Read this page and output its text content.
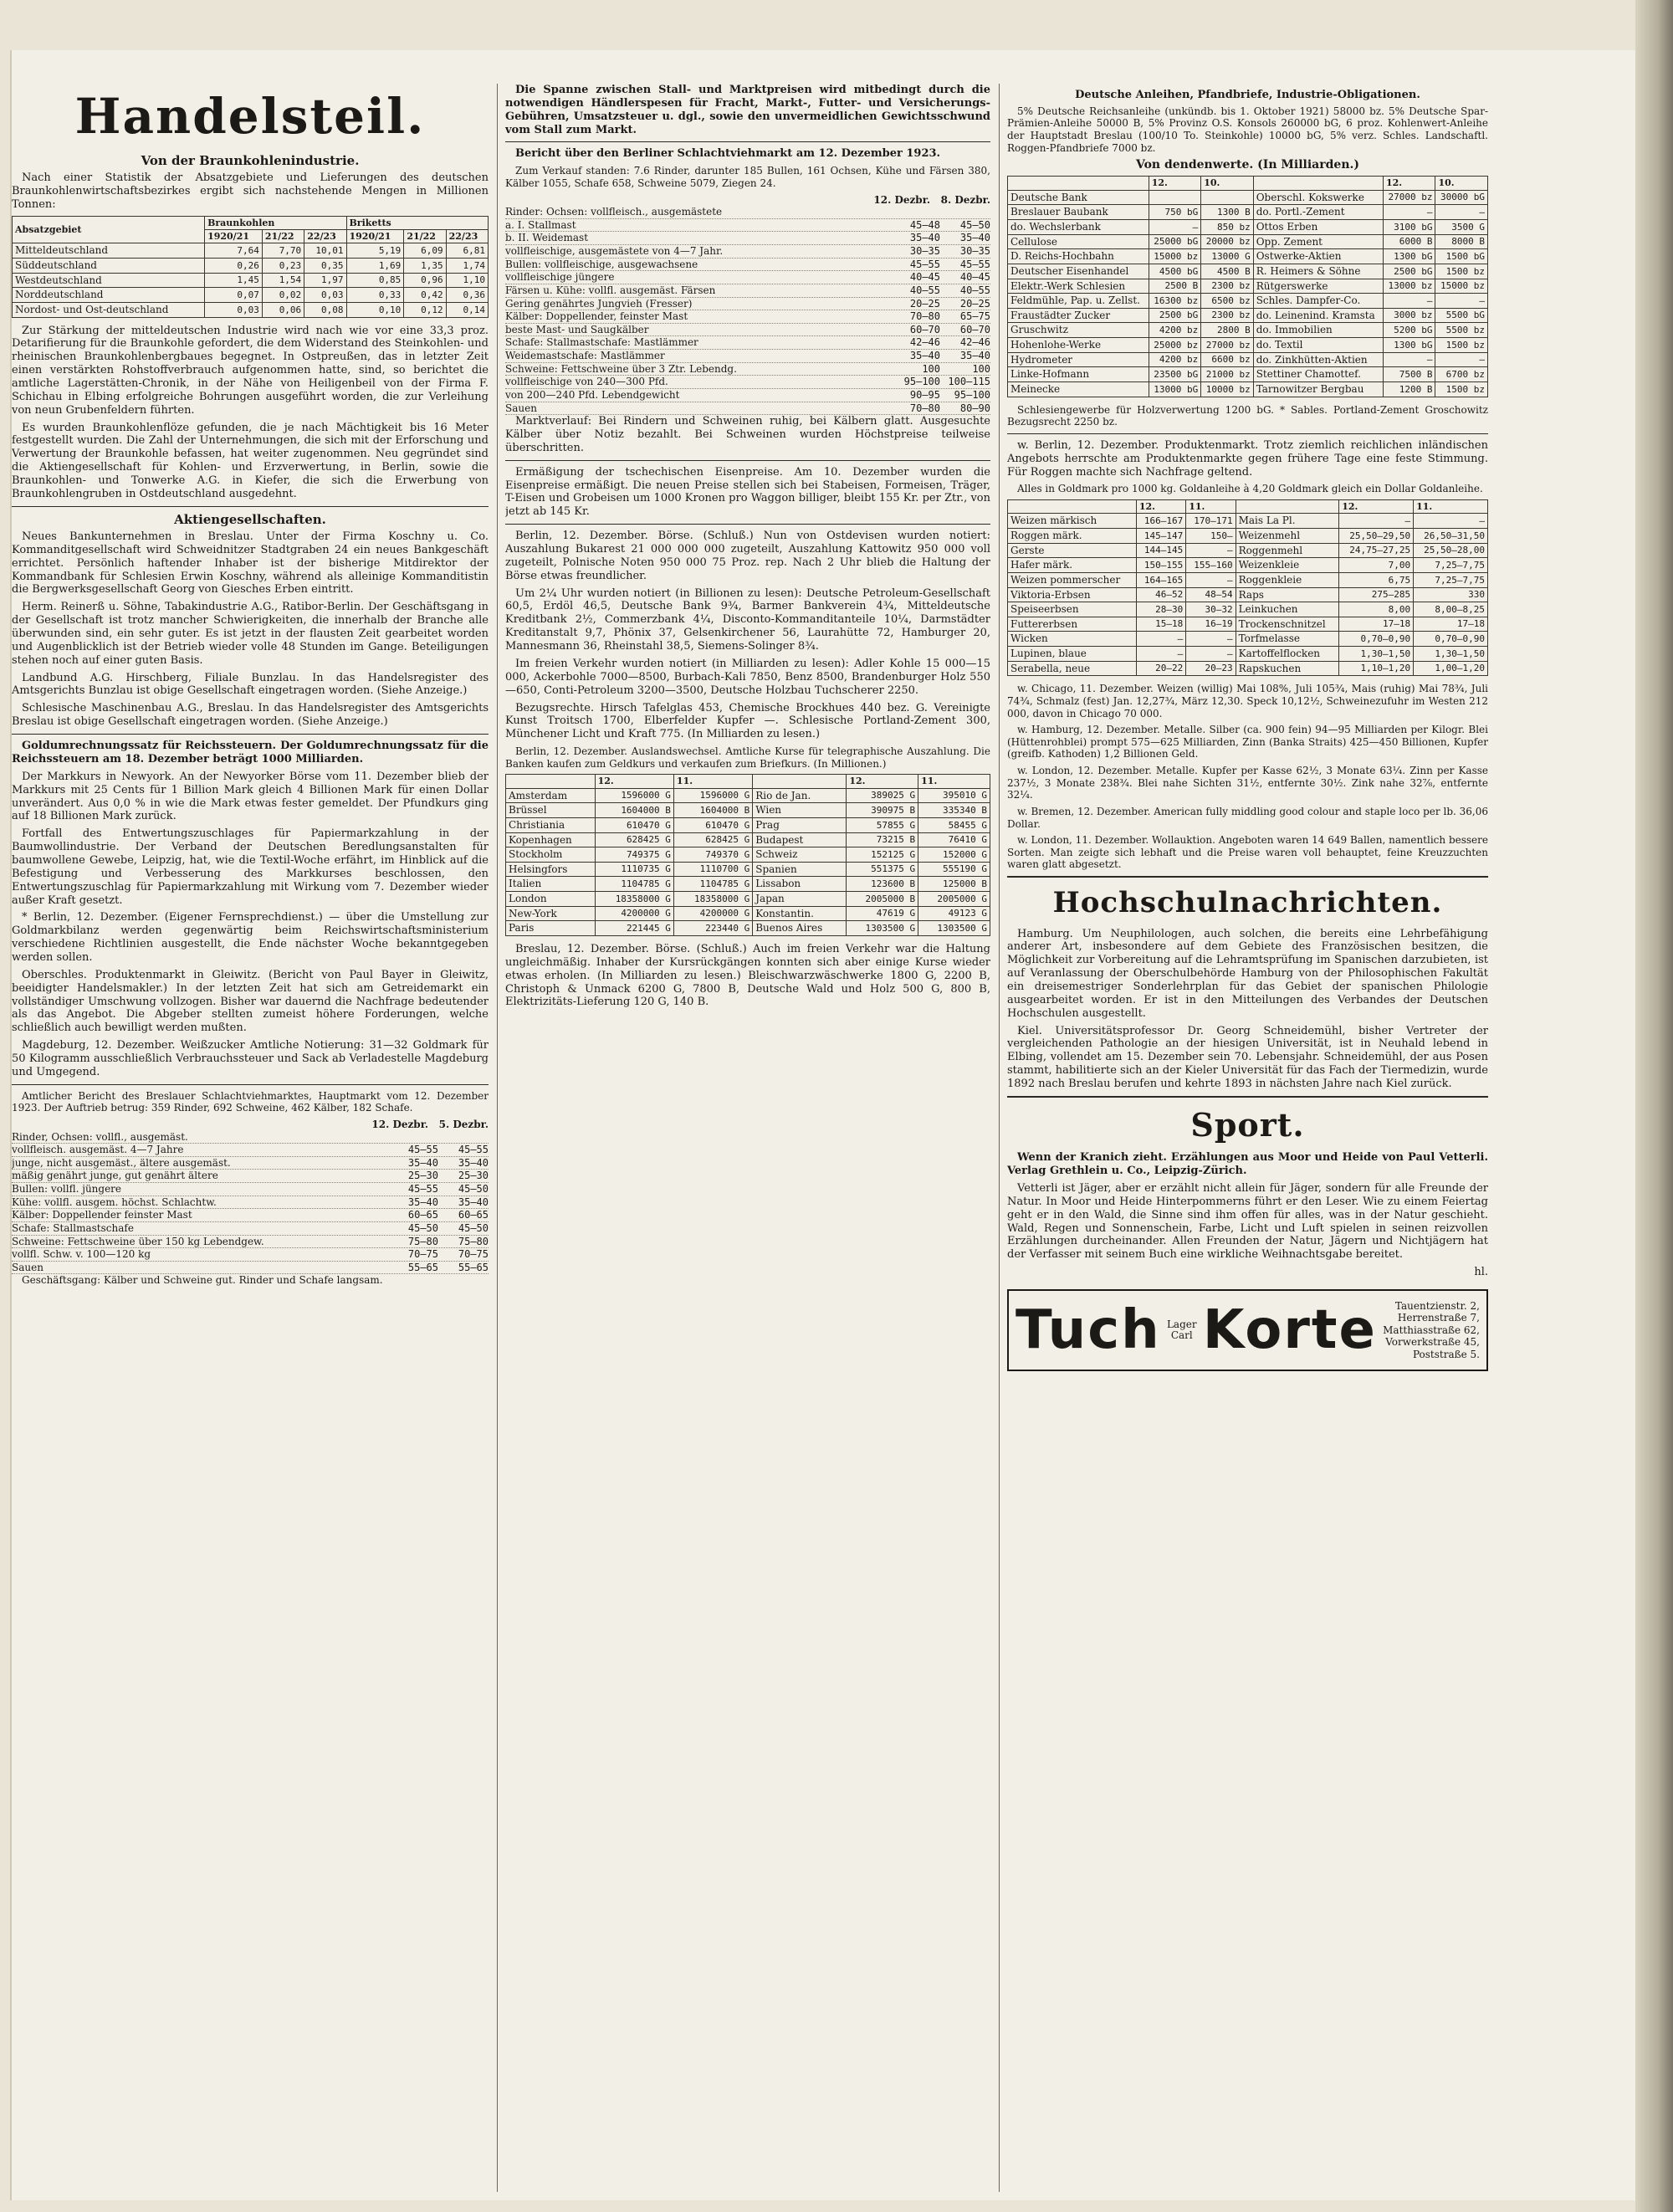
Handelsteil.
Von der Braunkohlenindustrie.

Nach einer Statistik der Absatzgebiete und Lieferungen des deutschen Braunkohlenwirtschaftsbezirkes ergibt sich nachstehende Mengen in Millionen Tonnen:

Absatzgebiet	Braunkohlen			Briketts		
	1920/21	21/22	22/23	1920/21	21/22	22/23
Mitteldeutschland	7,64	7,70	10,01	5,19	6,09	6,81
Süddeutschland	0,26	0,23	0,35	1,69	1,35	1,74
Westdeutschland	1,45	1,54	1,97	0,85	0,96	1,10
Norddeutschland	0,07	0,02	0,03	0,33	0,42	0,36
Nordost- und Ost-deutschland	0,03	0,06	0,08	0,10	0,12	0,14

Zur Stärkung der mitteldeutschen Industrie wird nach wie vor eine 33,3 proz. Detarifierung für die Braunkohle gefordert, die dem Widerstand des Steinkohlen- und rheinischen Braunkohlenbergbaues begegnet. In Ostpreußen, das in letzter Zeit einen verstärkten Rohstoffverbrauch aufgenommen hatte, sind, so berichtet die amtliche Lagerstätten-Chronik, in der Nähe von Heiligenbeil von der Firma F. Schichau in Elbing erfolgreiche Bohrungen ausgeführt worden, die zur Verleihung von neun Grubenfeldern führten.

Es wurden Braunkohlenflöze gefunden, die je nach Mächtigkeit bis 16 Meter festgestellt wurden. Die Zahl der Unternehmungen, die sich mit der Erforschung und Verwertung der Braunkohle befassen, hat weiter zugenommen. Neu gegründet sind die Aktiengesellschaft für Kohlen- und Erzverwertung, in Berlin, sowie die Braunkohlen- und Tonwerke A.G. in Kiefer, die sich die Erwerbung von Braunkohlengruben in Ostdeutschland ausgedehnt.

Aktiengesellschaften.

Neues Bankunternehmen in Breslau. Unter der Firma Koschny u. Co. Kommanditgesellschaft wird Schweidnitzer Stadtgraben 24 ein neues Bankgeschäft errichtet. Persönlich haftender Inhaber ist der bisherige Mitdirektor der Kommandbank für Schlesien Erwin Koschny, während als alleinige Kommanditistin die Bergwerksgesellschaft Georg von Giesches Erben eintritt.

Herm. Reinerß u. Söhne, Tabakindustrie A.G., Ratibor-Berlin. Der Geschäftsgang in der Gesellschaft ist trotz mancher Schwierigkeiten, die innerhalb der Branche alle überwunden sind, ein sehr guter. Es ist jetzt in der flausten Zeit gearbeitet worden und Augenblicklich ist der Betrieb wieder volle 48 Stunden im Gange. Beteiligungen stehen noch auf einer guten Basis.

Landbund A.G. Hirschberg, Filiale Bunzlau. In das Handelsregister des Amtsgerichts Bunzlau ist obige Gesellschaft eingetragen worden. (Siehe Anzeige.)

Schlesische Maschinenbau A.G., Breslau. In das Handelsregister des Amtsgerichts Breslau ist obige Gesellschaft eingetragen worden. (Siehe Anzeige.)

Goldumrechnungssatz für Reichssteuern. Der Goldumrechnungssatz für die Reichssteuern am 18. Dezember beträgt 1000 Milliarden.

Der Markkurs in Newyork. An der Newyorker Börse vom 11. Dezember blieb der Markkurs mit 25 Cents für 1 Billion Mark gleich 4 Billionen Mark für einen Dollar unverändert. Aus 0,0 % in wie die Mark etwas fester gemeldet. Der Pfundkurs ging auf 18 Billionen Mark zurück.

Fortfall des Entwertungszuschlages für Papiermarkzahlung in der Baumwollindustrie. Der Verband der Deutschen Beredlungsanstalten für baumwollene Gewebe, Leipzig, hat, wie die Textil-Woche erfährt, im Hinblick auf die Befestigung und Verbesserung des Markkurses beschlossen, den Entwertungszuschlag für Papiermarkzahlung mit Wirkung vom 7. Dezember wieder außer Kraft gesetzt.

* Berlin, 12. Dezember. (Eigener Fernsprechdienst.) — über die Umstellung zur Goldmarkbilanz werden gegenwärtig beim Reichswirtschaftsministerium verschiedene Richtlinien ausgestellt, die Ende nächster Woche bekanntgegeben werden sollen.

Oberschles. Produktenmarkt in Gleiwitz. (Bericht von Paul Bayer in Gleiwitz, beeidigter Handelsmakler.) In der letzten Zeit hat sich am Getreidemarkt ein vollständiger Umschwung vollzogen. Bisher war dauernd die Nachfrage bedeutender als das Angebot. Die Abgeber stellten zumeist höhere Forderungen, welche schließlich auch bewilligt werden mußten.

Magdeburg, 12. Dezember. Weißzucker Amtliche Notierung: 31—32 Goldmark für 50 Kilogramm ausschließlich Verbrauchssteuer und Sack ab Verladestelle Magdeburg und Umgegend.

Amtlicher Bericht des Breslauer Schlachtviehmarktes, Hauptmarkt vom 12. Dezember 1923. Der Auftrieb betrug: 359 Rinder, 692 Schweine, 462 Kälber, 182 Schafe.

12. Dezbr. 5. Dezbr.
Rinder, Ochsen: vollfl., ausgemäst.
vollfleisch. ausgemäst. 4—7 Jahre	45—55	45—55
junge, nicht ausgemäst., ältere ausgemäst.	35—40	35—40
mäßig genährt junge, gut genährt ältere	25—30	25—30
Bullen: vollfl. jüngere	45—55	45—50
Kühe: vollfl. ausgem. höchst. Schlachtw.	35—40	35—40
Kälber: Doppellender feinster Mast	60—65	60—65
Schafe: Stallmastschafe	45—50	45—50
Schweine: Fettschweine über 150 kg Lebendgew.	75—80	75—80
vollfl. Schw. v. 100—120 kg	70—75	70—75
Sauen	55—65	55—65

Geschäftsgang: Kälber und Schweine gut. Rinder und Schafe langsam.

Die Spanne zwischen Stall- und Marktpreisen wird mitbedingt durch die notwendigen Händlerspesen für Fracht, Markt-, Futter- und Versicherungs-Gebühren, Umsatzsteuer u. dgl., sowie den unvermeidlichen Gewichtsschwund vom Stall zum Markt.

Bericht über den Berliner Schlachtviehmarkt am 12. Dezember 1923.

Zum Verkauf standen: 7.6 Rinder, darunter 185 Bullen, 161 Ochsen, Kühe und Färsen 380, Kälber 1055, Schafe 658, Schweine 5079, Ziegen 24.

12. Dezbr. 8. Dezbr.
Rinder: Ochsen: vollfleisch., ausgemästete
a. I. Stallmast	45—48	45—50
b. II. Weidemast	35—40	35—40
vollfleischige, ausgemästete von 4—7 Jahr.	30—35	30—35
Bullen: vollfleischige, ausgewachsene	45—55	45—55
vollfleischige jüngere	40—45	40—45
Färsen u. Kühe: vollfl. ausgemäst. Färsen	40—55	40—55
Gering genährtes Jungvieh (Fresser)	20—25	20—25
Kälber: Doppellender, feinster Mast	70—80	65—75
beste Mast- und Saugkälber	60—70	60—70
Schafe: Stallmastschafe: Mastlämmer	42—46	42—46
Weidemastschafe: Mastlämmer	35—40	35—40
Schweine: Fettschweine über 3 Ztr. Lebendg.	100	100
vollfleischige von 240—300 Pfd.	95—100 100—115
von 200—240 Pfd. Lebendgewicht	90—95	95—100
Sauen	70—80	80—90

Marktverlauf: Bei Rindern und Schweinen ruhig, bei Kälbern glatt. Ausgesuchte Kälber über Notiz bezahlt. Bei Schweinen wurden Höchstpreise teilweise überschritten.

Ermäßigung der tschechischen Eisenpreise. Am 10. Dezember wurden die Eisenpreise ermäßigt. Die neuen Preise stellen sich bei Stabeisen, Formeisen, Träger, T-Eisen und Grobeisen um 1000 Kronen pro Waggon billiger, bleibt 155 Kr. per Ztr., von jetzt ab 145 Kr.

Berlin, 12. Dezember. Börse. (Schluß.) Nun von Ostdevisen wurden notiert: Auszahlung Bukarest 21 000 000 000 zugeteilt, Auszahlung Kattowitz 950 000 voll zugeteilt, Polnische Noten 950 000 75 Proz. rep. Nach 2 Uhr blieb die Haltung der Börse etwas freundlicher.

Um 2¼ Uhr wurden notiert (in Billionen zu lesen): Deutsche Petroleum-Gesellschaft 60,5, Erdöl 46,5, Deutsche Bank 9¾, Barmer Bankverein 4¾, Mitteldeutsche Kreditbank 2½, Commerzbank 4¼, Disconto-Kommanditanteile 10¼, Darmstädter Kreditanstalt 9,7, Phönix 37, Gelsenkirchener 56, Laurahütte 72, Hamburger 20, Mannesmann 36, Rheinstahl 38,5, Siemens-Solinger 8¾.

Im freien Verkehr wurden notiert (in Milliarden zu lesen): Adler Kohle 15 000—15 000, Ackerbohle 7000—8500, Burbach-Kali 7850, Benz 8500, Brandenburger Holz 550—650, Conti-Petroleum 3200—3500, Deutsche Holzbau Tuchscherer 2250.

Bezugsrechte. Hirsch Tafelglas 453, Chemische Brockhues 440 bez. G. Vereinigte Kunst Troitsch 1700, Elberfelder Kupfer —. Schlesische Portland-Zement 300, Münchener Licht und Kraft 775. (In Milliarden zu lesen.)

Berlin, 12. Dezember. Auslandswechsel. Amtliche Kurse für telegraphische Auszahlung. Die Banken kaufen zum Geldkurs und verkaufen zum Briefkurs. (In Millionen.)

	12.	11.		12.	11.
Amsterdam	1596000 G	1596000 G	Rio de Jan.	389025 G	395010 G
Brüssel	1604000 B	1604000 B	Wien	390975 B	335340 B
Christiania	610470 G	610470 G	Prag	57855 G	58455 G
Kopenhagen	628425 G	628425 G	Budapest	73215 B	76410 G
Stockholm	749375 G	749370 G	Schweiz	152125 G	152000 G
Helsingfors	1110735 G	1110700 G	Spanien	551375 G	555190 G
Italien	1104785 G	1104785 G	Lissabon	123600 B	125000 B
London	18358000 G	18358000 G	Japan	2005000 B	2005000 G
New-York	4200000 G	4200000 G	Konstantin.	47619 G	49123 G
Paris	221445 G	223440 G	Buenos Aires	1303500 G	1303500 G

Breslau, 12. Dezember. Börse. (Schluß.) Auch im freien Verkehr war die Haltung ungleichmäßig. Inhaber der Kursrückgängen konnten sich aber einige Kurse wieder etwas erholen. (In Milliarden zu lesen.) Bleischwarzwäschwerke 1800 G, 2200 B, Christoph & Unmack 6200 G, 7800 B, Deutsche Wald und Holz 500 G, 800 B, Elektrizitäts-Lieferung 120 G, 140 B.

Deutsche Anleihen, Pfandbriefe, Industrie-Obligationen.

5% Deutsche Reichsanleihe (unkündb. bis 1. Oktober 1921) 58000 bz. 5% Deutsche Spar-Prämien-Anleihe 50000 B, 5% Provinz O.S. Konsols 260000 bG, 6 proz. Kohlenwert-Anleihe der Hauptstadt Breslau (100/10 To. Steinkohle) 10000 bG, 5% verz. Schles. Landschaftl. Roggen-Pfandbriefe 7000 bz.

Von dendenwerte. (In Milliarden.)
	12.	10.		12.	10.
Deutsche Bank			Oberschl. Kokswerke	27000 bz	30000 bG
Breslauer Baubank	750 bG	1300 B	do. Portl.-Zement	—	—
do. Wechslerbank	—	850 bz	Ottos Erben	3100 bG	3500 G
Cellulose	25000 bG	20000 bz	Opp. Zement	6000 B	8000 B
D. Reichs-Hochbahn	15000 bz	13000 G	Ostwerke-Aktien	1300 bG	1500 bG
Deutscher Eisenhandel	4500 bG	4500 B	R. Heimers & Söhne	2500 bG	1500 bz
Elektr.-Werk Schlesien	2500 B	2300 bz	Rütgerswerke	13000 bz	15000 bz
Feldmühle, Pap. u. Zellst.	16300 bz	6500 bz	Schles. Dampfer-Co.	—	—
Fraustädter Zucker	2500 bG	2300 bz	do. Leinenind. Kramsta	3000 bz	5500 bG
Gruschwitz	4200 bz	2800 B	do. Immobilien	5200 bG	5500 bz
Hohenlohe-Werke	25000 bz	27000 bz	do. Textil	1300 bG	1500 bz
Hydrometer	4200 bz	6600 bz	do. Zinkhütten-Aktien	—	—
Linke-Hofmann	23500 bG	21000 bz	Stettiner Chamottef.	7500 B	6700 bz
Meinecke	13000 bG	10000 bz	Tarnowitzer Bergbau	1200 B	1500 bz

Schlesiengewerbe für Holzverwertung 1200 bG. * Sables. Portland-Zement Groschowitz Bezugsrecht 2250 bz.

w. Berlin, 12. Dezember. Produktenmarkt. Trotz ziemlich reichlichen inländischen Angebots herrschte am Produktenmarkte gegen frühere Tage eine feste Stimmung. Für Roggen machte sich Nachfrage geltend.

Alles in Goldmark pro 1000 kg. Goldanleihe à 4,20 Goldmark gleich ein Dollar Goldanleihe.

	12.	11.		12.	11.
Weizen märkisch	166—167	170—171	Mais La Pl.	—	—
Roggen märk.	145—147	150—	Weizenmehl	25,50—29,50	26,50—31,50
Gerste	144—145	—	Roggenmehl	24,75—27,25	25,50—28,00
Hafer märk.	150—155	155—160	Weizenkleie	7,00	7,25—7,75
Weizen pommerscher	164—165	—	Roggenkleie	6,75	7,25—7,75
Viktoria-Erbsen	46—52	48—54	Raps	275—285	330
Speiseerbsen	28—30	30—32	Leinkuchen	8,00	8,00—8,25
Futtererbsen	15—18	16—19	Trockenschnitzel	17—18	17—18
Wicken	—	—	Torfmelasse	0,70—0,90	0,70—0,90
Lupinen, blaue	—	—	Kartoffelflocken	1,30—1,50	1,30—1,50
Serabella, neue	20—22	20—23	Rapskuchen	1,10—1,20	1,00—1,20

w. Chicago, 11. Dezember. Weizen (willig) Mai 108%, Juli 105¾, Mais (ruhig) Mai 78¾, Juli 74¾, Schmalz (fest) Jan. 12,27¾, März 12,30. Speck 10,12½, Schweinezufuhr im Westen 212 000, davon in Chicago 70 000.

w. Hamburg, 12. Dezember. Metalle. Silber (ca. 900 fein) 94—95 Milliarden per Kilogr. Blei (Hüttenrohblei) prompt 575—625 Milliarden, Zinn (Banka Straits) 425—450 Billionen, Kupfer (greifb. Kathoden) 1,2 Billionen Geld.

w. London, 12. Dezember. Metalle. Kupfer per Kasse 62½, 3 Monate 63¼. Zinn per Kasse 237½, 3 Monate 238¾. Blei nahe Sichten 31½, entfernte 30½. Zink nahe 32⅞, entfernte 32¼.

w. Bremen, 12. Dezember. American fully middling good colour and staple loco per lb. 36,06 Dollar.

w. London, 11. Dezember. Wollauktion. Angeboten waren 14 649 Ballen, namentlich bessere Sorten. Man zeigte sich lebhaft und die Preise waren voll behauptet, feine Kreuzzuchten waren glatt abgesetzt.

Hochschulnachrichten.

Hamburg. Um Neuphilologen, auch solchen, die bereits eine Lehrbefähigung anderer Art, insbesondere auf dem Gebiete des Französischen besitzen, die Möglichkeit zur Vorbereitung auf die Lehramtsprüfung im Spanischen darzubieten, ist auf Veranlassung der Oberschulbehörde Hamburg von der Philosophischen Fakultät ein dreisemestriger Sonderlehrplan für das Gebiet der spanischen Philologie ausgearbeitet worden. Er ist in den Mitteilungen des Verbandes der Deutschen Hochschulen ausgestellt.

Kiel. Universitätsprofessor Dr. Georg Schneidemühl, bisher Vertreter der vergleichenden Pathologie an der hiesigen Universität, ist in Neuhald lebend in Elbing, vollendet am 15. Dezember sein 70. Lebensjahr. Schneidemühl, der aus Posen stammt, habilitierte sich an der Kieler Universität für das Fach der Tiermedizin, wurde 1892 nach Breslau berufen und kehrte 1893 in nächsten Jahre nach Kiel zurück.

Sport.

Wenn der Kranich zieht. Erzählungen aus Moor und Heide von Paul Vetterli. Verlag Grethlein u. Co., Leipzig-Zürich.

Vetterli ist Jäger, aber er erzählt nicht allein für Jäger, sondern für alle Freunde der Natur. In Moor und Heide Hinterpommerns führt er den Leser. Wie zu einem Feiertag geht er in den Wald, die Sinne sind ihm offen für alles, was in der Natur geschieht. Wald, Regen und Sonnenschein, Farbe, Licht und Luft spielen in seinen reizvollen Erzählungen durcheinander. Allen Freunden der Natur, Jägern und Nichtjägern hat der Verfasser mit seinem Buch eine wirkliche Weihnachtsgabe bereitet.

hl.

Tuch Lager
Carl Korte	Tauentzienstr. 2,
Herrenstraße 7,
Matthiasstraße 62,
Vorwerkstraße 45,
Poststraße 5.
